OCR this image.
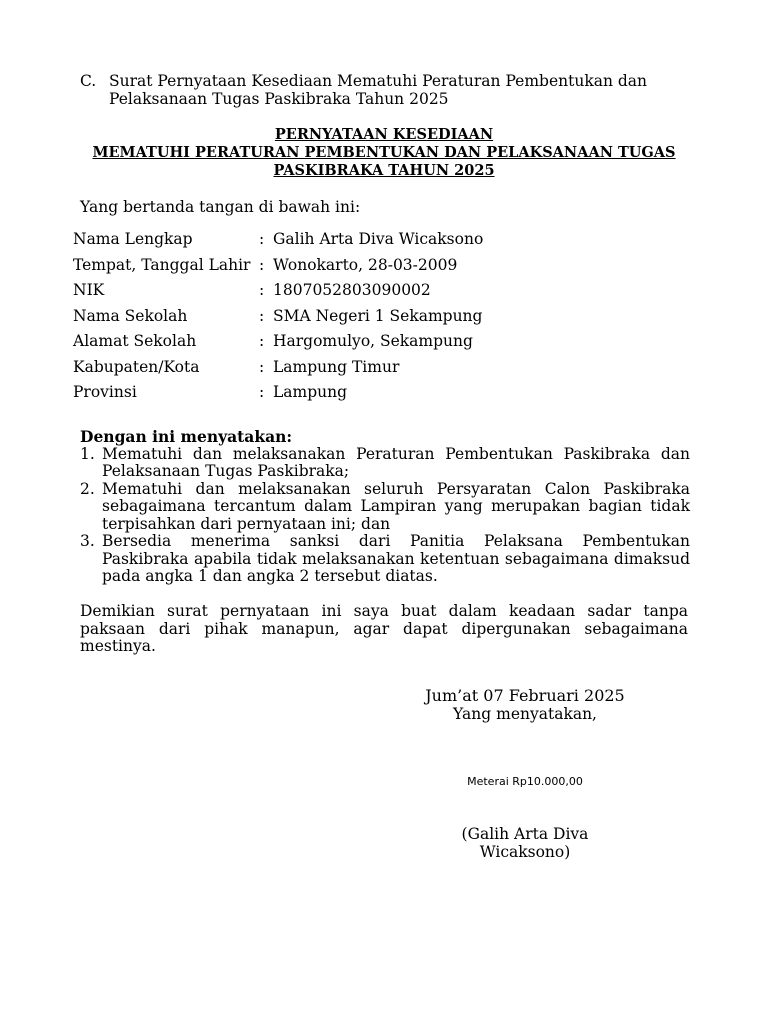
C. Surat Pernyataan Kesediaan Mematuhi Peraturan Pembentukan dan
Pelaksanaan Tugas Paskibraka Tahun 2025
PERNYATAAN KESEDIAAN
MEMATUHI PERATURAN PEMBENTUKAN DAN PELAKSANAAN TUGAS
PASKIBRAKA TAHUN 2025
Yang bertanda tangan di bawah ini:
Nama Lengkap	: Galih Arta Diva Wicaksono
Tempat, Tanggal Lahir : Wonokarto, 28-03-2009
NIK	: 1807052803090002
Nama Sekolah	: SMA Negeri 1 Sekampung
Alamat Sekolah	: Hargomulyo, Sekampung
Kabupaten/Kota	: Lampung Timur
Provinsi	: Lampung
Dengan ini menyatakan:
1. Mematuhi dan melaksanakan Peraturan Pembentukan Paskibraka dan Pelaksanaan Tugas Paskibraka;
2. Mematuhi dan melaksanakan seluruh Persyaratan Calon Paskibraka sebagaimana tercantum dalam Lampiran yang merupakan bagian tidak terpisahkan dari pernyataan ini; dan
3. Bersedia menerima sanksi dari Panitia Pelaksana Pembentukan Paskibraka apabila tidak melaksanakan ketentuan sebagaimana dimaksud pada angka 1 dan angka 2 tersebut diatas.
Demikian surat pernyataan ini saya buat dalam keadaan sadar tanpa paksaan dari pihak manapun, agar dapat dipergunakan sebagaimana mestinya.
Jum’at 07 Februari 2025
Yang menyatakan,
Meterai Rp10.000,00
(Galih Arta Diva
Wicaksono)
